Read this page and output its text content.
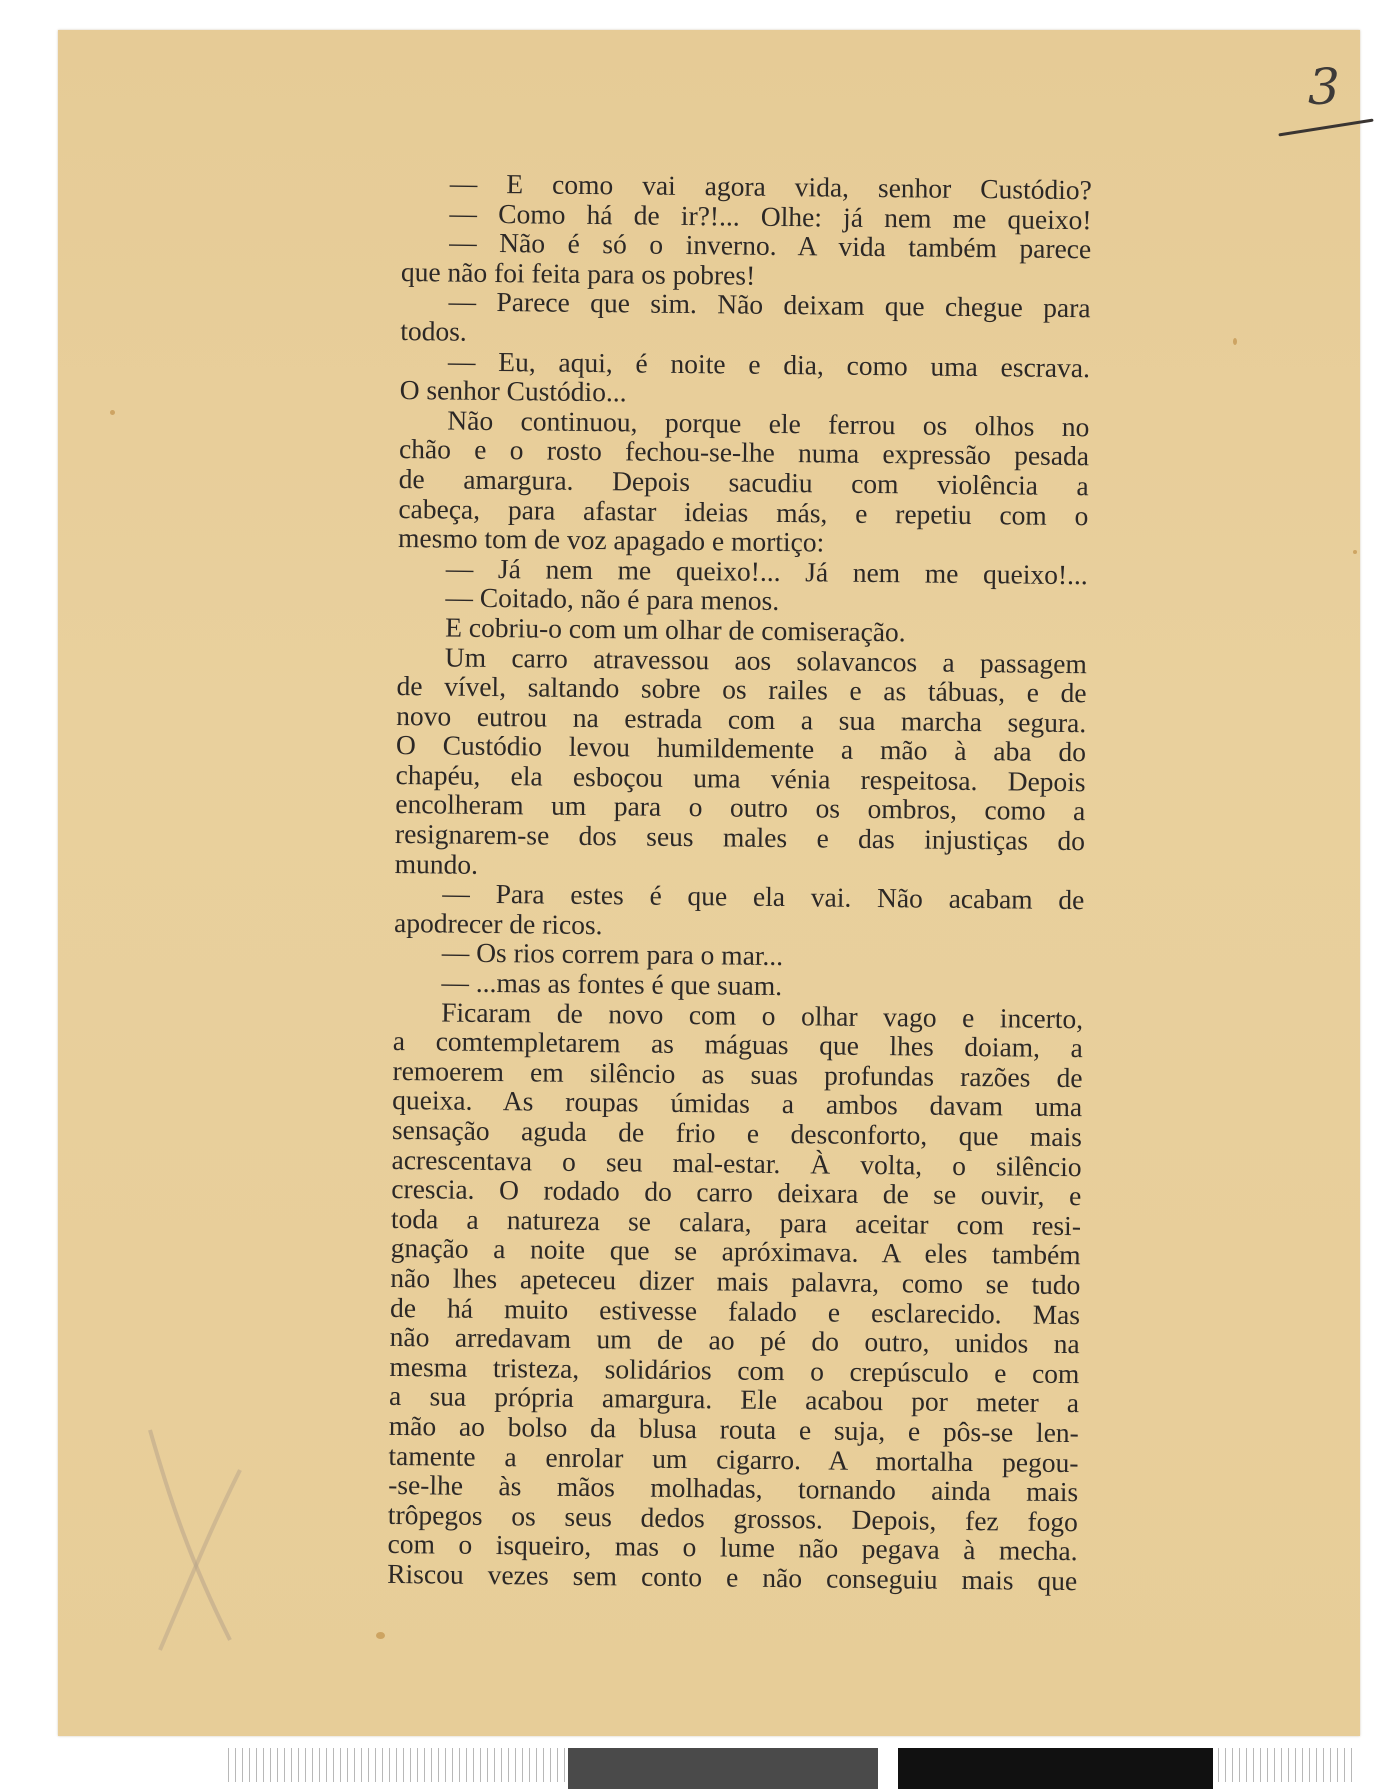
3
— E como vai agora vida, senhor Custódio?
— Como há de ir?!... Olhe: já nem me queixo!
— Não é só o inverno. A vida também parece
que não foi feita para os pobres!
— Parece que sim. Não deixam que chegue para
todos.
— Eu, aqui, é noite e dia, como uma escrava.
O senhor Custódio...
Não continuou, porque ele ferrou os olhos no
chão e o rosto fechou-se-lhe numa expressão pesada
de amargura. Depois sacudiu com violência a
cabeça, para afastar ideias más, e repetiu com o
mesmo tom de voz apagado e mortiço:
— Já nem me queixo!... Já nem me queixo!...
— Coitado, não é para menos.
E cobriu-o com um olhar de comiseração.
Um carro atravessou aos solavancos a passagem
de vível, saltando sobre os railes e as tábuas, e de
novo eutrou na estrada com a sua marcha segura.
O Custódio levou humildemente a mão à aba do
chapéu, ela esboçou uma vénia respeitosa. Depois
encolheram um para o outro os ombros, como a
resignarem-se dos seus males e das injustiças do
mundo.
— Para estes é que ela vai. Não acabam de
apodrecer de ricos.
— Os rios correm para o mar...
— ...mas as fontes é que suam.
Ficaram de novo com o olhar vago e incerto,
a comtempletarem as máguas que lhes doiam, a
remoerem em silêncio as suas profundas razões de
queixa. As roupas úmidas a ambos davam uma
sensação aguda de frio e desconforto, que mais
acrescentava o seu mal-estar. À volta, o silêncio
crescia. O rodado do carro deixara de se ouvir, e
toda a natureza se calara, para aceitar com resi-
gnação a noite que se apróximava. A eles também
não lhes apeteceu dizer mais palavra, como se tudo
de há muito estivesse falado e esclarecido. Mas
não arredavam um de ao pé do outro, unidos na
mesma tristeza, solidários com o crepúsculo e com
a sua própria amargura. Ele acabou por meter a
mão ao bolso da blusa routa e suja, e pôs-se len-
tamente a enrolar um cigarro. A mortalha pegou-
-se-lhe às mãos molhadas, tornando ainda mais
trôpegos os seus dedos grossos. Depois, fez fogo
com o isqueiro, mas o lume não pegava à mecha.
Riscou vezes sem conto e não conseguiu mais que
